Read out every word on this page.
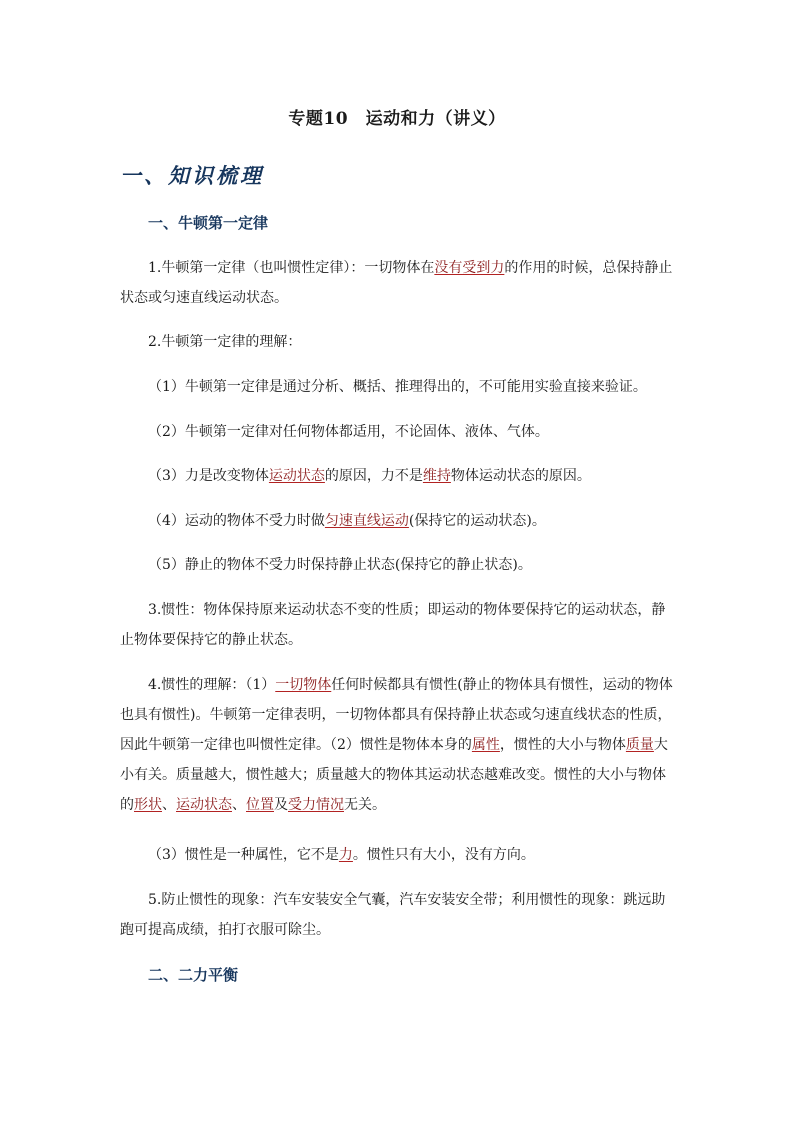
专题10　运动和力（讲义）
一、知识梳理
一、牛顿第一定律
1.牛顿第一定律（也叫惯性定律）：一切物体在没有受到力的作用的时候，总保持静止状态或匀速直线运动状态。
2.牛顿第一定律的理解：
（1）牛顿第一定律是通过分析、概括、推理得出的，不可能用实验直接来验证。
（2）牛顿第一定律对任何物体都适用，不论固体、液体、气体。
（3）力是改变物体运动状态的原因，力不是维持物体运动状态的原因。
（4）运动的物体不受力时做匀速直线运动(保持它的运动状态)。
（5）静止的物体不受力时保持静止状态(保持它的静止状态)。
3.惯性：物体保持原来运动状态不变的性质；即运动的物体要保持它的运动状态，静止物体要保持它的静止状态。
4.惯性的理解：（1）一切物体任何时候都具有惯性(静止的物体具有惯性，运动的物体也具有惯性)。牛顿第一定律表明，一切物体都具有保持静止状态或匀速直线状态的性质，因此牛顿第一定律也叫惯性定律。（2）惯性是物体本身的属性，惯性的大小与物体质量大小有关。质量越大，惯性越大；质量越大的物体其运动状态越难改变。惯性的大小与物体的形状、运动状态、位置及受力情况无关。
（3）惯性是一种属性，它不是力。惯性只有大小，没有方向。
5.防止惯性的现象：汽车安装安全气囊，汽车安装安全带；利用惯性的现象：跳远助跑可提高成绩，拍打衣服可除尘。
二、二力平衡
